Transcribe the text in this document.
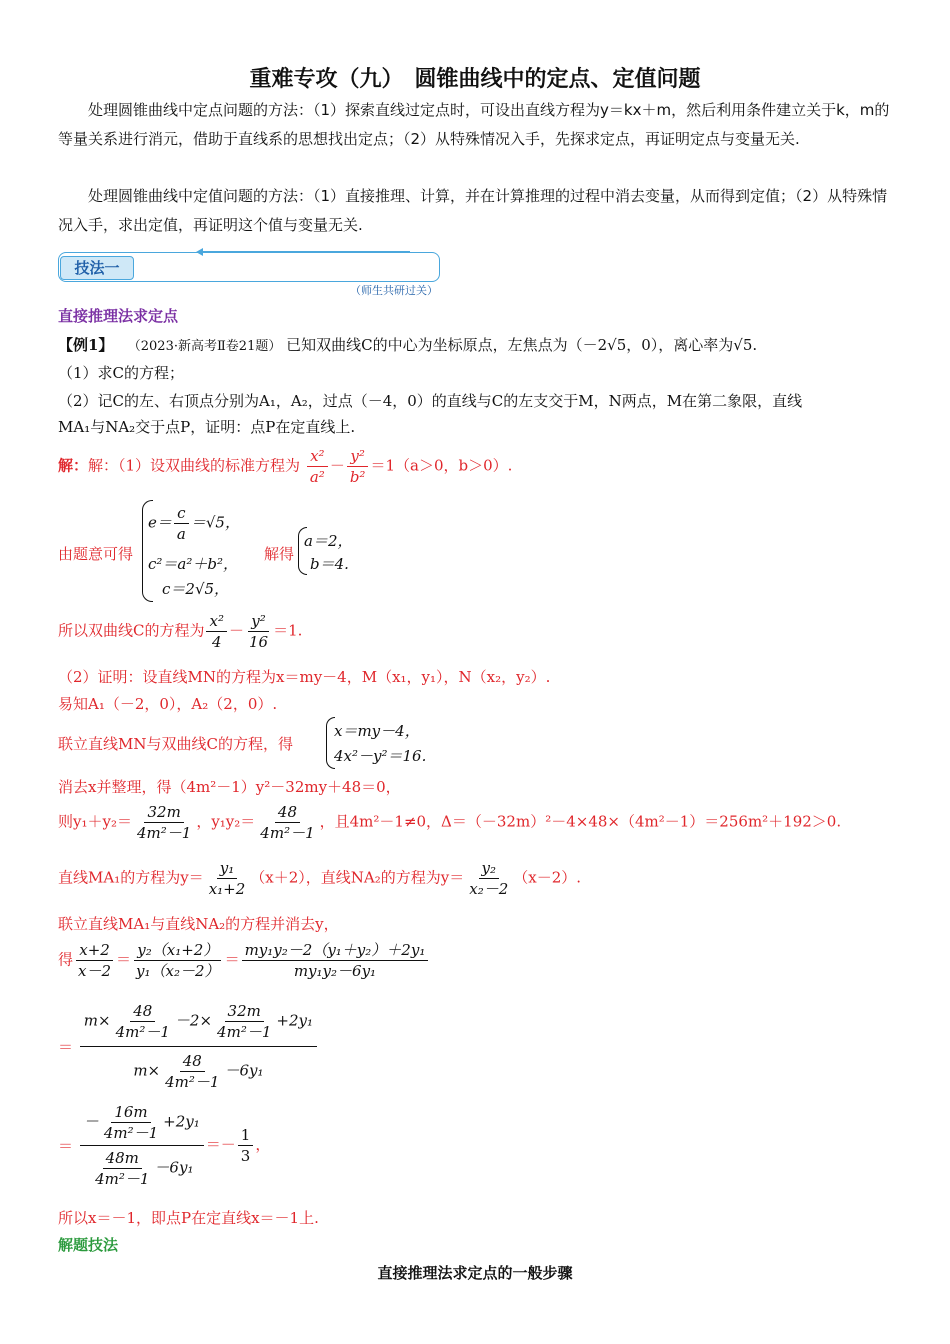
重难专攻（九）　圆锥曲线中的定点、定值问题
处理圆锥曲线中定点问题的方法：（1）探索直线过定点时，可设出直线方程为y＝kx＋m，然后利用条件建立关于k，m的等量关系进行消元，借助于直线系的思想找出定点；（2）从特殊情况入手，先探求定点，再证明定点与变量无关.
处理圆锥曲线中定值问题的方法：（1）直接推理、计算，并在计算推理的过程中消去变量，从而得到定值；（2）从特殊情况入手，求出定值，再证明这个值与变量无关.
技法一
（师生共研过关）
直接推理法求定点
【例1】 （2023·新高考Ⅱ卷21题） 已知双曲线C的中心为坐标原点，左焦点为（－2√5，0），离心率为√5.
（1）求C的方程；
（2）记C的左、右顶点分别为A₁，A₂，过点（－4，0）的直线与C的左支交于M，N两点，M在第二象限，直线
MA₁与NA₂交于点P，证明：点P在定直线上.
解：解：（1）设双曲线的标准方程为 $\frac{\text{x²}}{\text{a²}} - \frac{\text{y²}}{\text{b²}} =1(a>0$，b＞0）.
由题意可得
$e= \frac{c}{a} =√5$，
c²＝a²＋b²，
c＝2√5，
解得
a＝2，
b＝4.
所以双曲线C的方程为 $\frac{\text{x²}}{4} - \frac{\text{y²}}{16} =1$.
（2）证明：设直线MN的方程为x＝my－4，M（x₁，y₁），N（x₂，y₂）.
易知A₁（－2，0），A₂（2，0）.
联立直线MN与双曲线C的方程，得
x＝my－4，
4x²－y²＝16.
消去x并整理，得（4m²－1）y²－32my＋48＝0，
则$y_1+y_2= \frac{32m}{\text{4m²－1}}$ ，$y_1y_2= \frac{48}{\text{4m²－1}}$ ，且4m²－1≠0，Δ＝（－32m）²－4×48×（4m²－1）＝256m²＋192＞0.
直线MA₁的方程为$y= \frac{\text{y₁}}{\text{x₁+2}} (x+2)$，直线NA₂的方程为$y= \frac{\text{y₂}}{\text{x₂－2}} (x-2)$.
联立直线MA₁与直线NA₂的方程并消去y，
得 $\frac{x+2}{x-2} = \frac{\text{y₂（x₁+2）}}{\text{y₁（x₂－2）}} = \frac{\text{my₁y₂－2（y₁＋y₂）＋2y₁}}{\text{my₁y₂－6y₁}}$
＝ $\frac{m\times \frac{48}{\text{4m²－1}} -2\times \frac{32m}{\text{4m²－1}} +2y_1}{m\times \frac{48}{\text{4m²－1}} -6y_1}$
＝ $\frac{- \frac{16m}{\text{4m²－1}} +2y_1}{\frac{48m}{\text{4m²－1}} -6y_1} =- \frac{1}{3}$ ，
所以x＝－1，即点P在定直线x＝－1上.
解题技法
直接推理法求定点的一般步骤
